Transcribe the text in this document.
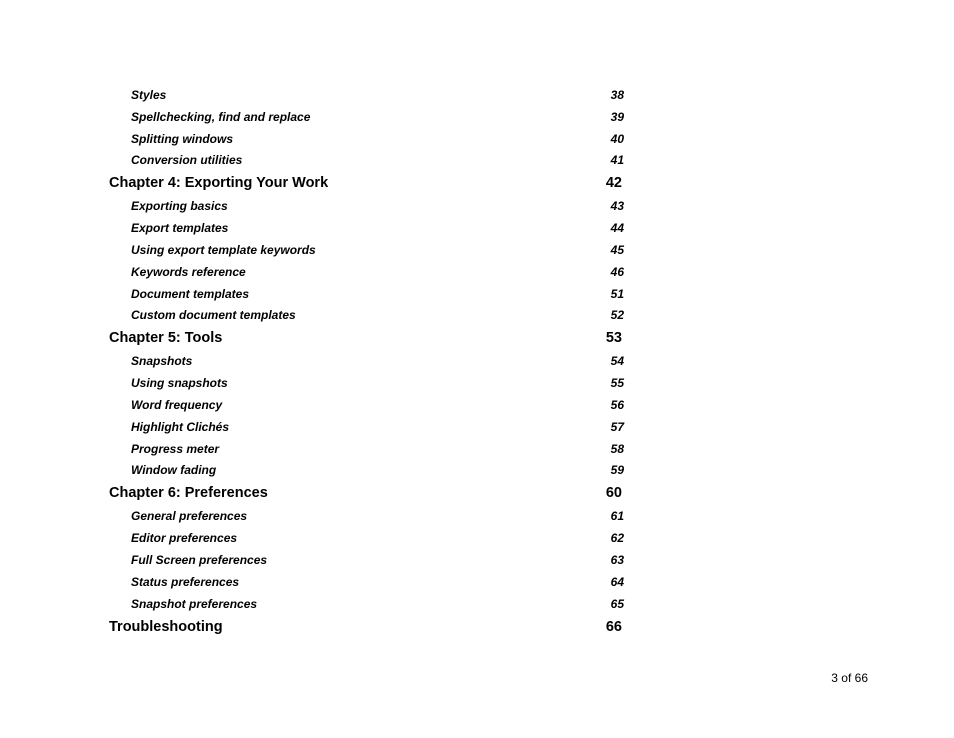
Styles	38
Spellchecking, find and replace	39
Splitting windows	40
Conversion utilities	41
Chapter 4: Exporting Your Work	42
Exporting basics	43
Export templates	44
Using export template keywords	45
Keywords reference	46
Document templates	51
Custom document templates	52
Chapter 5: Tools	53
Snapshots	54
Using snapshots	55
Word frequency	56
Highlight Clichés	57
Progress meter	58
Window fading	59
Chapter 6: Preferences	60
General preferences	61
Editor preferences	62
Full Screen preferences	63
Status preferences	64
Snapshot preferences	65
Troubleshooting	66
3 of 66
